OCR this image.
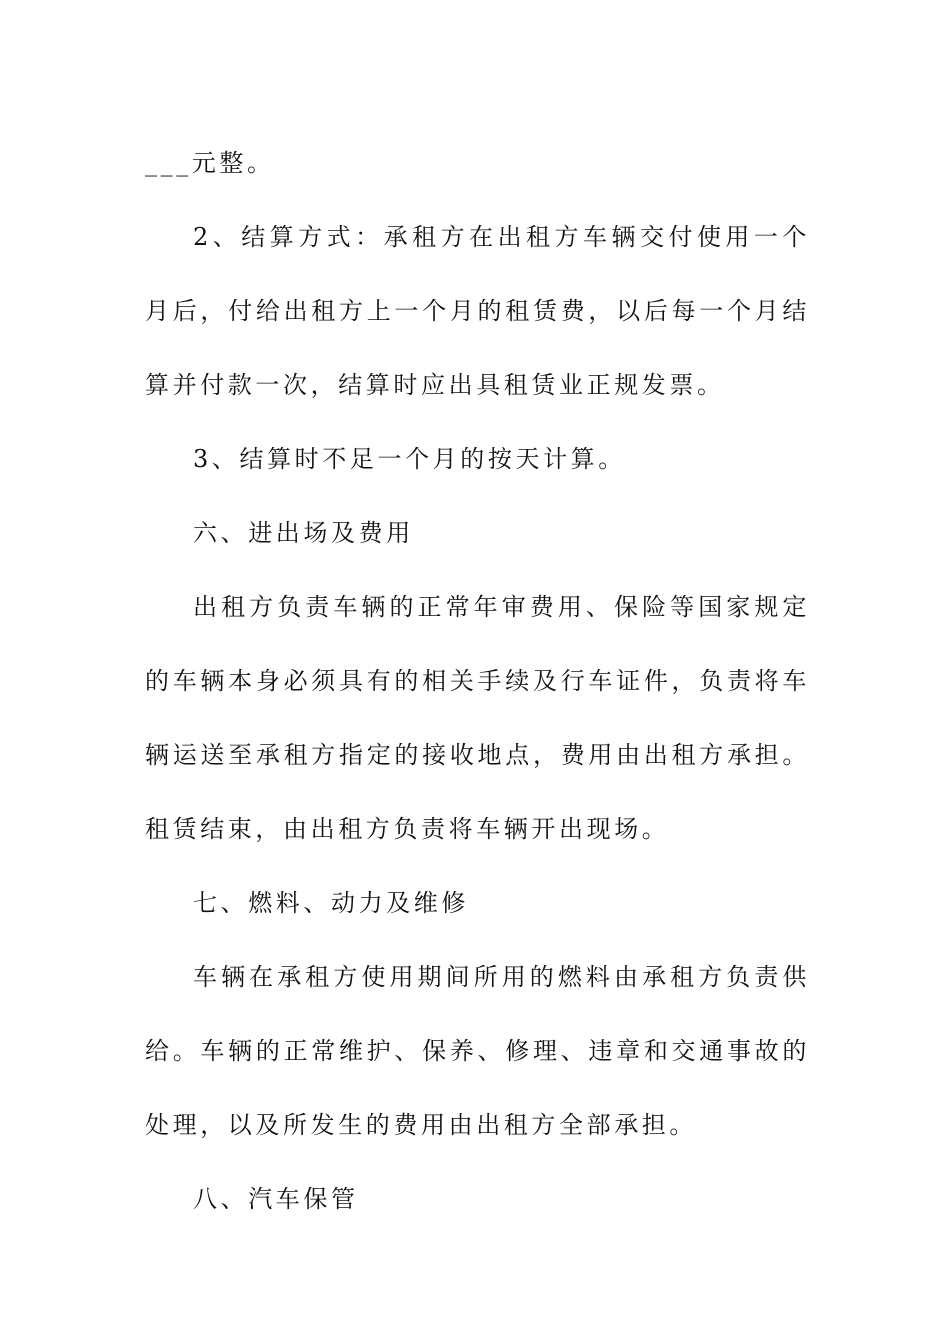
___元整。

2、结算方式：承租方在出租方车辆交付使用一个月后，付给出租方上一个月的租赁费，以后每一个月结算并付款一次，结算时应出具租赁业正规发票。

3、结算时不足一个月的按天计算。

六、进出场及费用

出租方负责车辆的正常年审费用、保险等国家规定的车辆本身必须具有的相关手续及行车证件，负责将车辆运送至承租方指定的接收地点，费用由出租方承担。租赁结束，由出租方负责将车辆开出现场。

七、燃料、动力及维修

车辆在承租方使用期间所用的燃料由承租方负责供给。车辆的正常维护、保养、修理、违章和交通事故的处理，以及所发生的费用由出租方全部承担。

八、汽车保管
